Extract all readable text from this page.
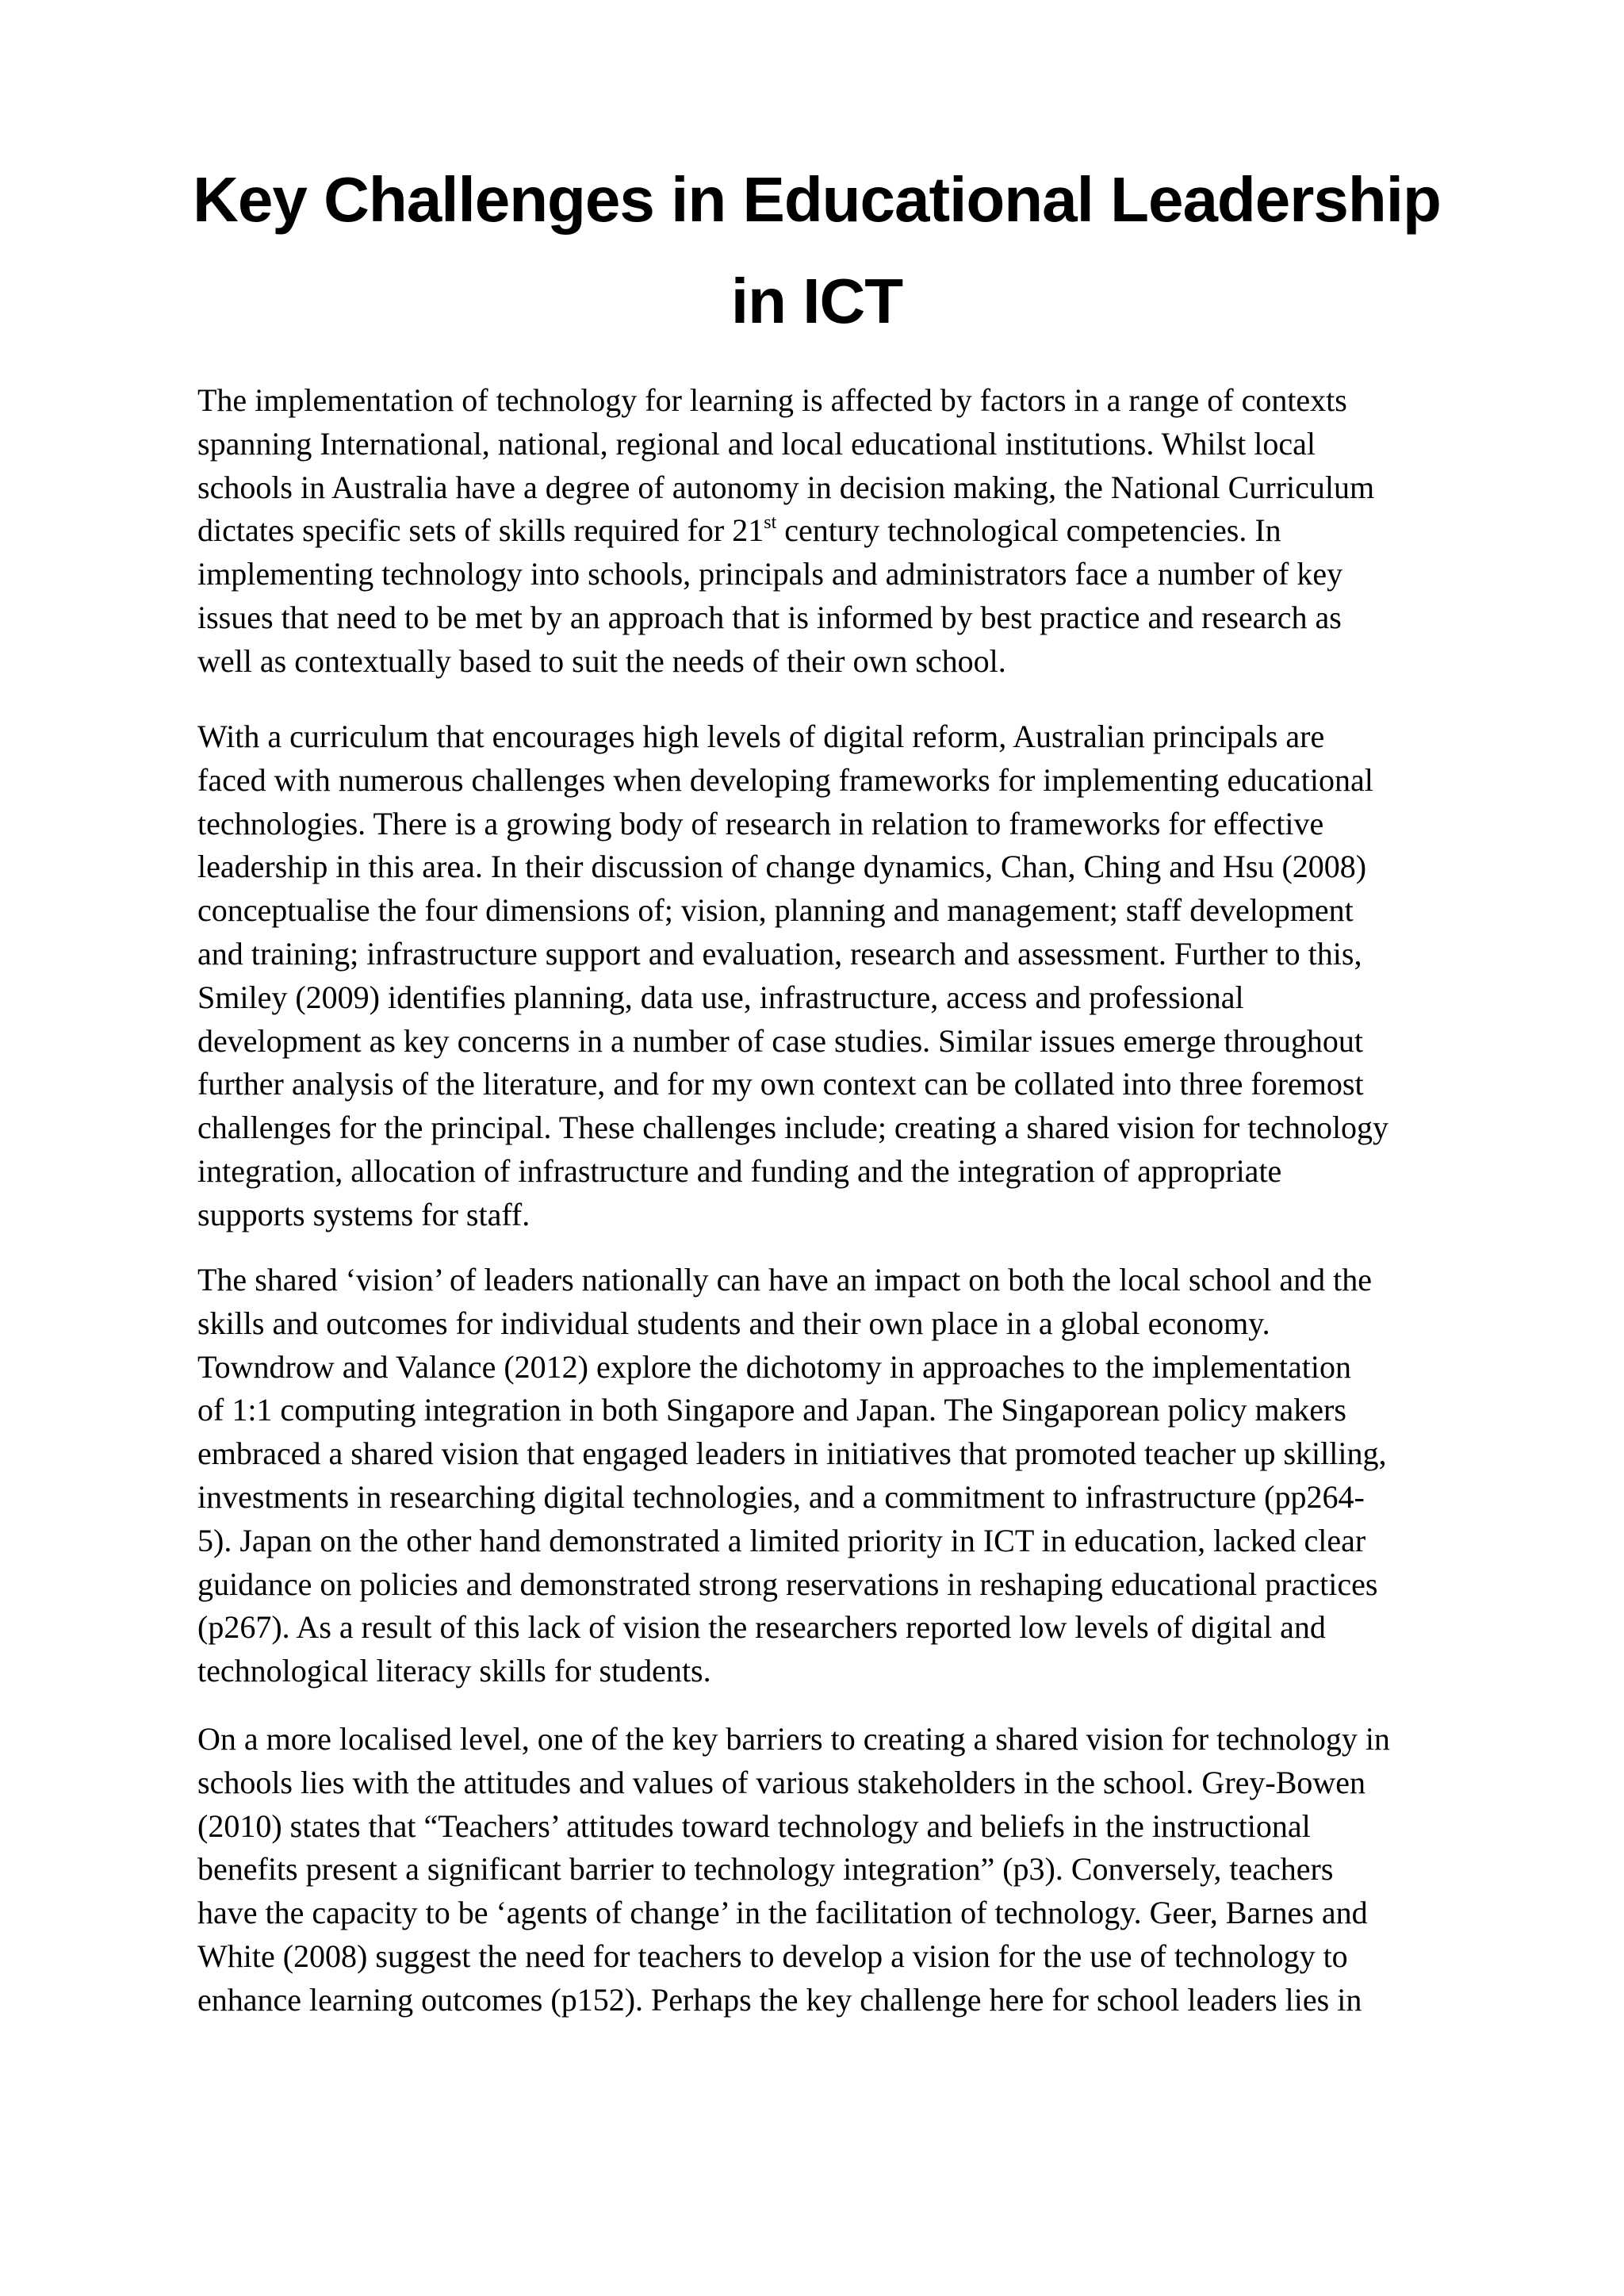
Key Challenges in Educational Leadership
in ICT

The implementation of technology for learning is affected by factors in a range of contexts
spanning International, national, regional and local educational institutions. Whilst local
schools in Australia have a degree of autonomy in decision making, the National Curriculum
dictates specific sets of skills required for 21st century technological competencies. In
implementing technology into schools, principals and administrators face a number of key
issues that need to be met by an approach that is informed by best practice and research as
well as contextually based to suit the needs of their own school.

With a curriculum that encourages high levels of digital reform, Australian principals are
faced with numerous challenges when developing frameworks for implementing educational
technologies. There is a growing body of research in relation to frameworks for effective
leadership in this area. In their discussion of change dynamics, Chan, Ching and Hsu (2008)
conceptualise the four dimensions of; vision, planning and management; staff development
and training; infrastructure support and evaluation, research and assessment. Further to this,
Smiley (2009) identifies planning, data use, infrastructure, access and professional
development as key concerns in a number of case studies. Similar issues emerge throughout
further analysis of the literature, and for my own context can be collated into three foremost
challenges for the principal. These challenges include; creating a shared vision for technology
integration, allocation of infrastructure and funding and the integration of appropriate
supports systems for staff.

The shared ‘vision’ of leaders nationally can have an impact on both the local school and the
skills and outcomes for individual students and their own place in a global economy.
Towndrow and Valance (2012) explore the dichotomy in approaches to the implementation
of 1:1 computing integration in both Singapore and Japan. The Singaporean policy makers
embraced a shared vision that engaged leaders in initiatives that promoted teacher up skilling,
investments in researching digital technologies, and a commitment to infrastructure (pp264-
5). Japan on the other hand demonstrated a limited priority in ICT in education, lacked clear
guidance on policies and demonstrated strong reservations in reshaping educational practices
(p267). As a result of this lack of vision the researchers reported low levels of digital and
technological literacy skills for students.

On a more localised level, one of the key barriers to creating a shared vision for technology in
schools lies with the attitudes and values of various stakeholders in the school. Grey-Bowen
(2010) states that “Teachers’ attitudes toward technology and beliefs in the instructional
benefits present a significant barrier to technology integration” (p3). Conversely, teachers
have the capacity to be ‘agents of change’ in the facilitation of technology. Geer, Barnes and
White (2008) suggest the need for teachers to develop a vision for the use of technology to
enhance learning outcomes (p152). Perhaps the key challenge here for school leaders lies in
